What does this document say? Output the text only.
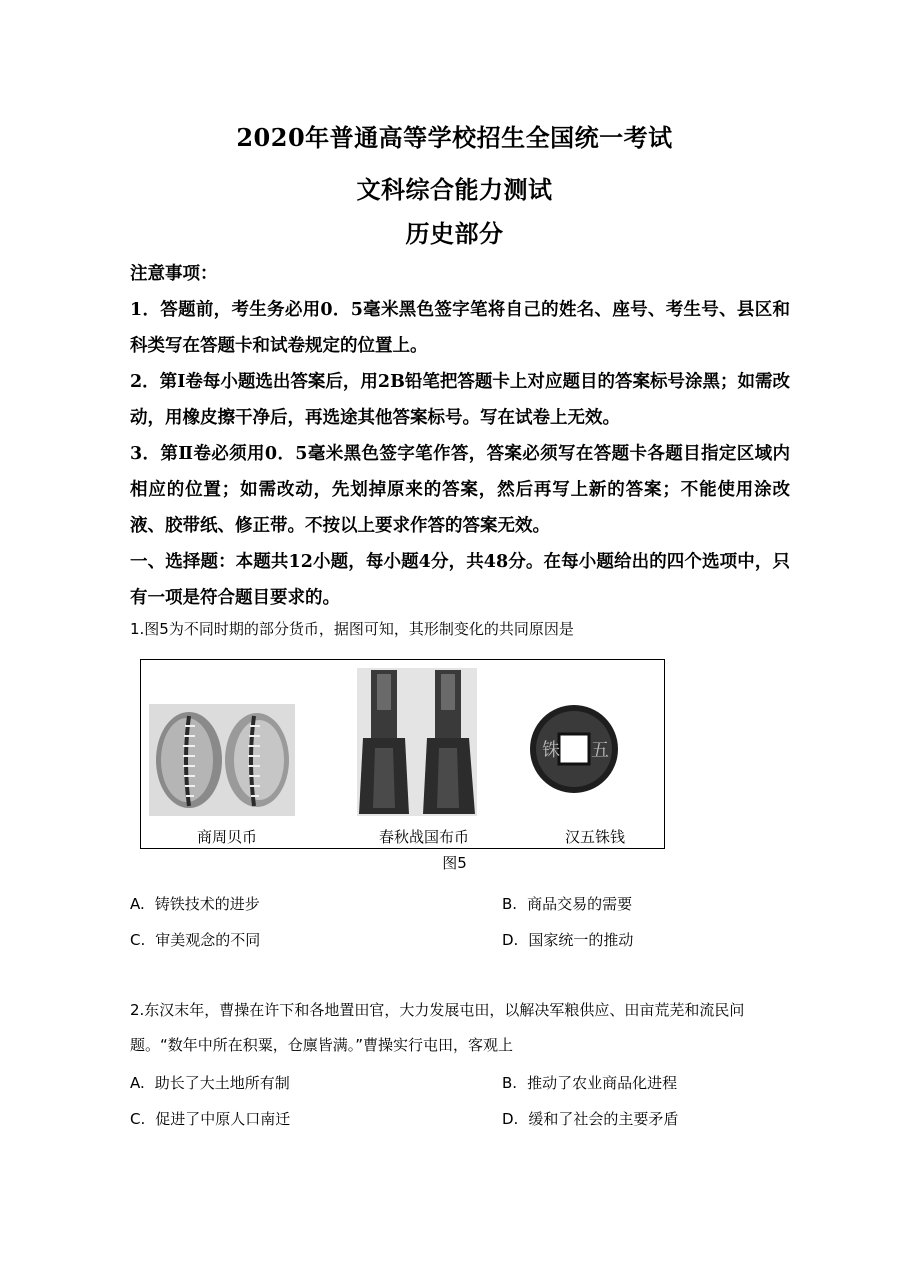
2020年普通高等学校招生全国统一考试
文科综合能力测试
历史部分

注意事项：

1．答题前，考生务必用0．5毫米黑色签字笔将自己的姓名、座号、考生号、县区和科类写在答题卡和试卷规定的位置上。

2．第Ⅰ卷每小题选出答案后，用2B铅笔把答题卡上对应题目的答案标号涂黑；如需改动，用橡皮擦干净后，再选途其他答案标号。写在试卷上无效。

3．第Ⅱ卷必须用0．5毫米黑色签字笔作答，答案必须写在答题卡各题目指定区域内相应的位置；如需改动，先划掉原来的答案，然后再写上新的答案；不能使用涂改液、胶带纸、修正带。不按以上要求作答的答案无效。

一、选择题：本题共12小题，每小题4分，共48分。在每小题给出的四个选项中，只有一项是符合题目要求的。

1.图5为不同时期的部分货币，据图可知，其形制变化的共同原因是

铢 五
商周贝币	春秋战国布币	汉五铢钱
图5
A. 铸铁技术的进步	B. 商品交易的需要
C. 审美观念的不同	D. 国家统一的推动

2.东汉末年，曹操在许下和各地置田官，大力发展屯田，以解决军粮供应、田亩荒芜和流民问题。“数年中所在积粟，仓廪皆满。”曹操实行屯田，客观上

A. 助长了大土地所有制	B. 推动了农业商品化进程
C. 促进了中原人口南迁	D. 缓和了社会的主要矛盾
